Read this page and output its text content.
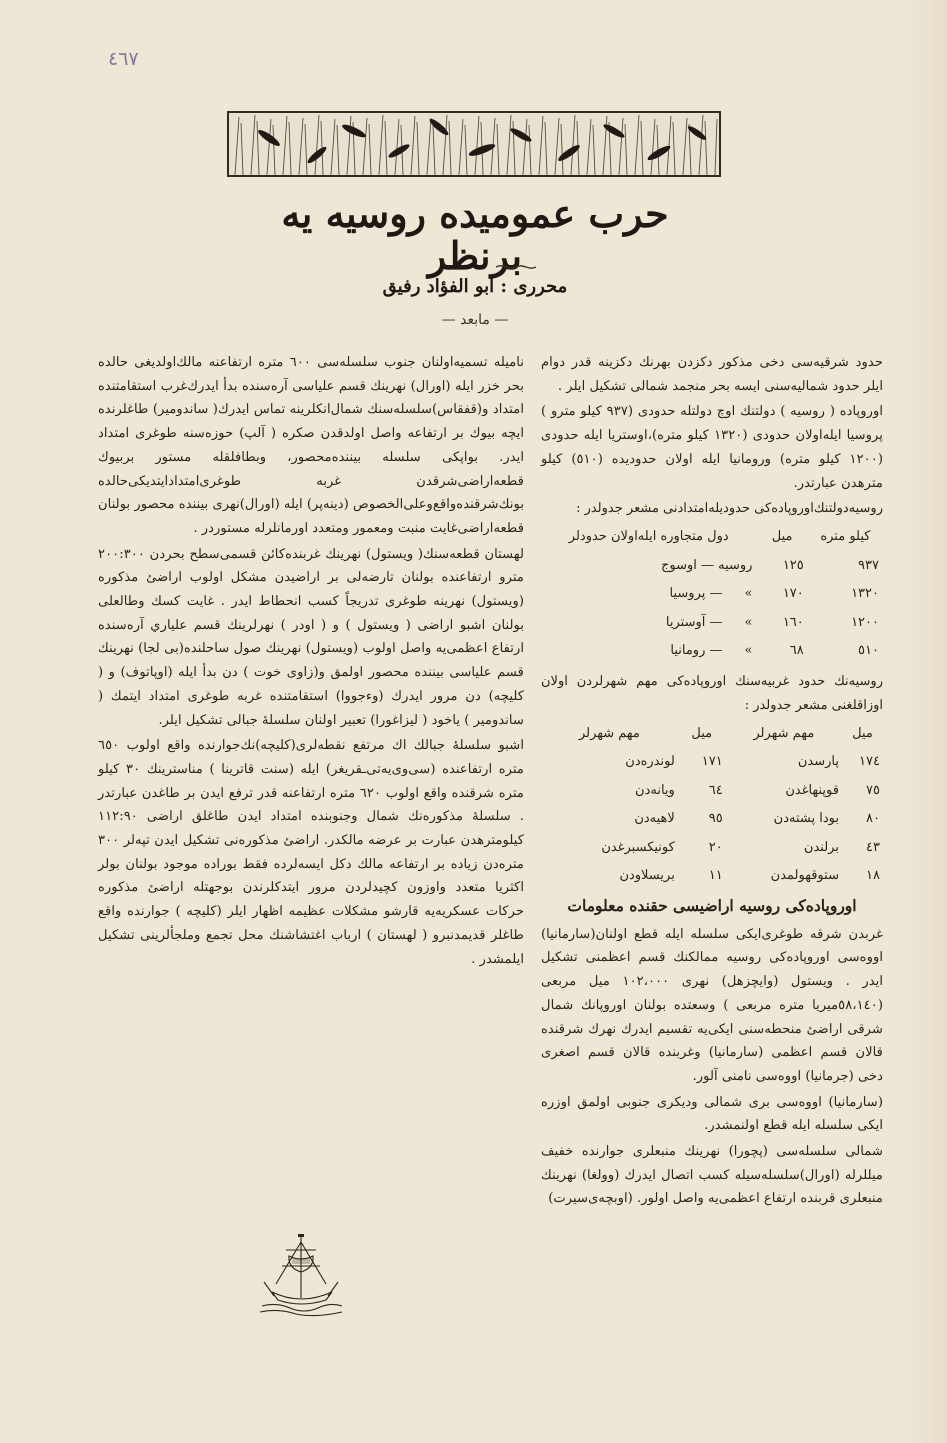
٤٦٧
حرب عموميده روسيه يه برنظر
محرری : ابو الفؤاد رفيق
— مابعد —

حدود شرقيه‌سى دخى مذكور دكزدن بهرنك دكزينه قدر دوام ايلر حدود شماليه‌سنى ايسه بحر منجمد شمالى تشكيل ايلر .

اوروپاده ( روسيه ) دولتنك اوچ دولتله حدودى (٩٣٧ كيلو مترو ) پروسيا ايله‌اولان حدودى (١٣٢٠ كيلو متره)،اوستريا ايله حدودى (١٢٠٠ كيلو متره) وروماني‍ا ايله اولان حدوديده (٥١٠) كيلو مترهدن عبارتدر.

روسيه‌دولتنك‌اوروپاده‌كى حدوديله‌امتدادنى مشعر جدولدر :

كيلو متره	ميل	دول متجاوره ايله‌اولان حدودلر
٩٣٧	١٢٥	روسيه — اوسوج
١٣٢٠	١٧٠	»— پروسيا
١٢٠٠	١٦٠	»— آوستريا
٥١٠	٦٨	»— رومانيا

روسيه‌نك حدود غربيه‌سنك اوروپاده‌كى مهم شهرلردن اولان اوزاقلغنى مشعر جدولدر :

ميل	مهم شهرلر	ميل	مهم شهرلر
١٧٤	پارسدن	١٧١	لوندره‌دن
٧٥	قوپنهاغدن	٦٤	ويانه‌دن
٨٠	بودا پشته‌دن	٩٥	لاهيه‌دن
٤٣	برلندن	٢٠	كونيكسبرغدن
١٨	ستوقهولمدن	١١	بريسلاودن

اوروپاده‌كى روسيه اراضيسى حقنده معلومات

غربدن شرقه طوغرى‌ايكى سلسله ايله قطع اولنان(سارمانيا) اووه‌سى اوروپاده‌كى روسيه ممالكنك قسم اعظمنى تشكيل ايدر . ويستول (وايچزهل) نهرى ١٠٢،٠٠٠ ميل مربعى (٥٨،١٤٠ميريا متره مربعى ) وسعتده بولنان اوروپانك شمال شرقى اراضئ منحطه‌سنى ايكى‌يه تقسيم ايدرك نهرك شرقنده قالان قسم اعظمى (سارمانيا) وغربنده قالان قسم اصغرى دخى (جرمانيا) اووه‌سى نامنى آلور.

(سارمانيا) اووه‌سى برى شمالى وديكرى جنوبى اولمق اوزره ايكى سلسله ايله قطع اولنمشدر.

شمالى سلسله‌سى (پچورا) نهرينك منبعلرى جوارنده خفيف ميللرله (اورال)سلسله‌سيله كسب اتصال ايدرك (وولغا) نهرينك منبعلرى قربنده ارتفاع اعظمى‌يه واصل اولور. (اوبچه‌ى‌سيرت)

ناميله تسميه‌اولنان جنوب سلسله‌سى ٦٠٠ متره ارتفاعنه مالك‌اولديغى حالده بحر خزر ايله (اورال) نهرينك قسم علياسى آره‌سنده بدأ ايدرك‌غرب استقامتنده امتداد و(قفقاس)سلسله‌سنك شمال‌انكلرينه تماس ايدرك( ساندومير) طاغلرنده ايچه بيوك بر ارتفاعه واصل اولدقدن صكره ( آلپ) حوزه‌سنه طوغرى امتداد ايدر. بواپكى سلسله بيننده‌محصور، وبطافلقله مستور بربيوك قطعه‌اراضى‌شرقدن غربه طوغرى‌امتدادايتديكى‌حالده بونك‌شرقنده‌واقع‌وعلى‌الخصوص (دينه‌پر) ايله (اورال)نهرى بيننده محصور بولنان قطعه‌اراضى‌غايت منبت ومعمور ومتعدد اورمانلرله مستوردر .

لهستان قطعه‌سنك( ويستول) نهرينك غربنده‌كائن قسمى‌سطح بحردن ٢٠٠:٣٠٠ مترو ارتفاعنده بولنان تارضه‌لى بر اراضيدن مشكل اولوب اراضئ مذكوره (ويستول) نهرينه طوغرى تدريجاً كسب انحطاط ايدر . غايت كسك وطالعلى بولنان اشبو اراضى ( ويستول ) و ( اودر ) نهرلرينك قسم علياري آره‌سنده ارتفاع اعظمى‌يه واصل اولوب (ويستول) نهرينك صول ساحلنده(بى لجا) نهرينك قسم علياسى بيننده محصور اولمق و(زاوى خوت ) دن بدأ ايله (اوپاتوف) و ( كليچه) دن مرور ايدرك (وءجووا) استقامتنده غربه طوغرى امتداد ايتمك ( ساندومير ) ياخود ( ليزاغورا) تعبير اولنان سلسلهٔ جبالى تشكيل ايلر.

اشبو سلسلهٔ جبالك اك مرتفع نقطه‌لرى(كليچه)نك‌جوارنده واقع اولوب ٦٥٠ متره ارتفاعنده (سى‌وى‌يه‌تى‌ـقريغر) ايله (سنت قاترينا ) مناسترينك ٣٠ كيلو متره شرقنده واقع اولوب ٦٢٠ متره ارتفاعنه قدر ترفع ايدن بر طاغدن عبارتدر . سلسلهٔ مذكوره‌نك شمال وجنوبنده امتداد ايدن طاغلق اراضى ١١٢:٩٠ كيلومترهدن عبارت بر عرضه مالكدر. اراضئ مذكوره‌نى تشكيل ايدن تپه‌لر ٣٠٠ متره‌دن زياده بر ارتفاعه مالك دكل ايسه‌لرده فقط بوراده موجود بولنان بولر اكثريا متعدد واوزون كچيدلردن مرور ايتدكلرندن بوجهتله اراضئ مذكوره حركات عسكريه‌يه قارشو مشكلات عظيمه اظهار ايلر (كليچه ) جوارنده واقع طاغلر قديمدنبرو ( لهستان ) ارباب اغتشاشنك محل تجمع وملجألرينى تشكيل ايلمشدر .
